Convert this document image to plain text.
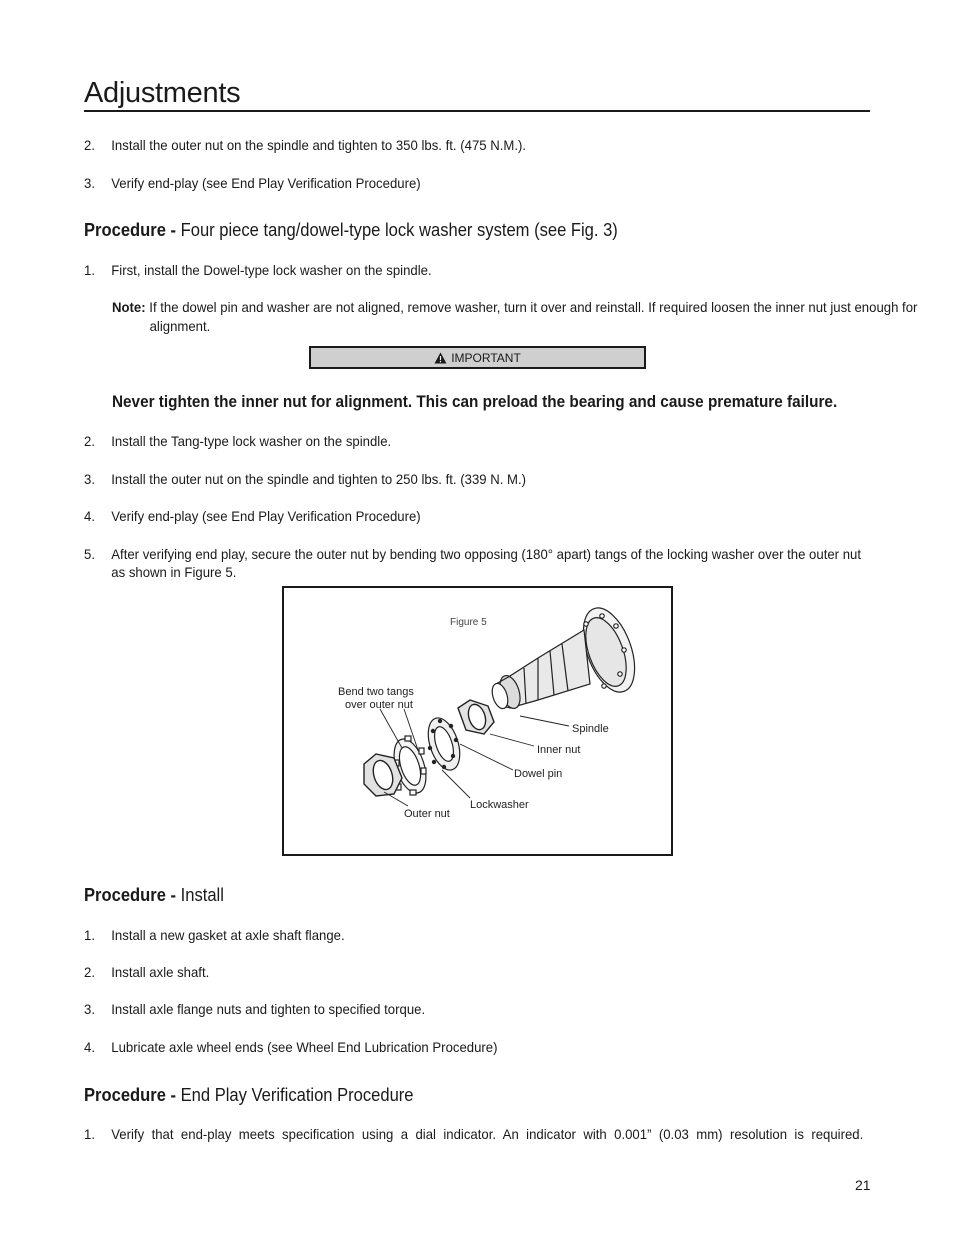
Adjustments
2. Install the outer nut on the spindle and tighten to 350 lbs. ft. (475 N.M.).
3. Verify end-play (see End Play Verification Procedure)
Procedure - Four piece tang/dowel-type lock washer system (see Fig. 3)
1. First, install the Dowel-type lock washer on the spindle.
Note: If the dowel pin and washer are not aligned, remove washer, turn it over and reinstall. If required loosen the inner nut just enough for alignment.
IMPORTANT
Never tighten the inner nut for alignment. This can preload the bearing and cause premature failure.
2. Install the Tang-type lock washer on the spindle.
3. Install the outer nut on the spindle and tighten to 250 lbs. ft. (339 N. M.)
4. Verify end-play (see End Play Verification Procedure)
5. After verifying end play, secure the outer nut by bending two opposing (180° apart) tangs of the locking washer over the outer nut as shown in Figure 5.
Figure 5
Bend two tangs
over outer nut
Spindle
Inner nut
Dowel pin
Lockwasher
Outer nut
Procedure - Install
1. Install a new gasket at axle shaft flange.
2. Install axle shaft.
3. Install axle flange nuts and tighten to specified torque.
4. Lubricate axle wheel ends (see Wheel End Lubrication Procedure)
Procedure - End Play Verification Procedure
1. Verify that end-play meets specification using a dial indicator. An indicator with 0.001” (0.03 mm) resolution is required.
21
